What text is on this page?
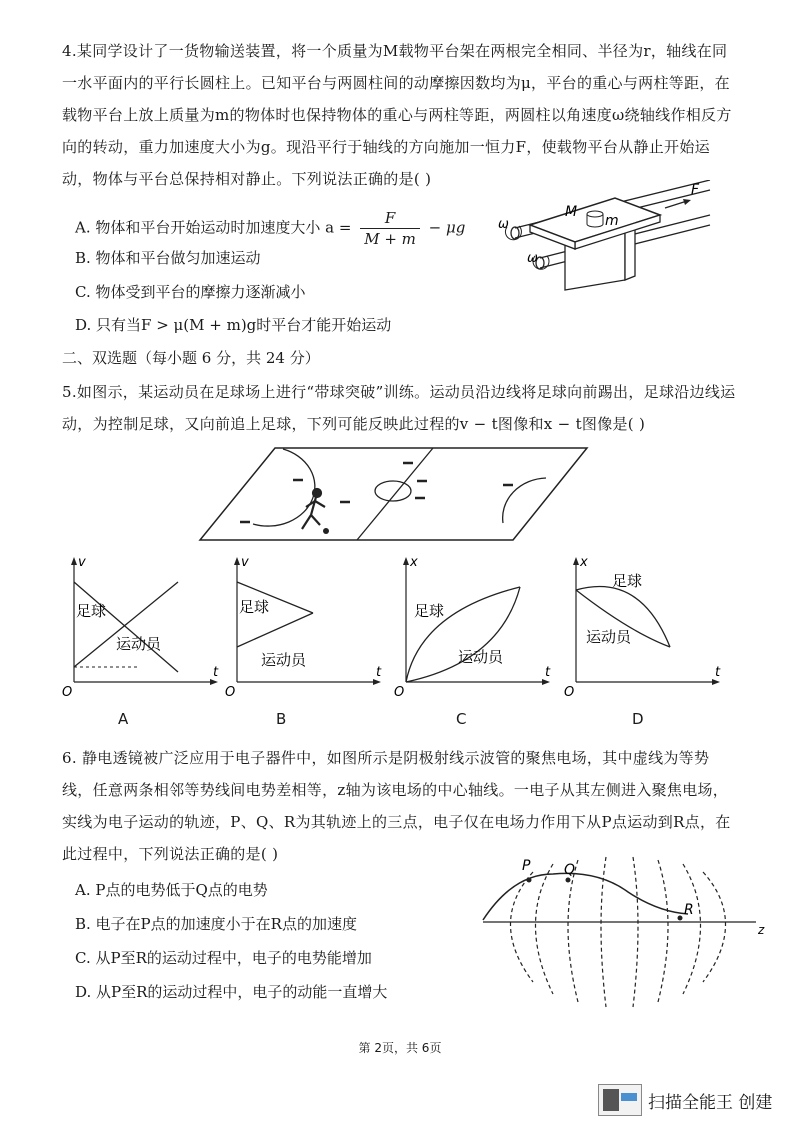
4.某同学设计了一货物输送装置，将一个质量为M载物平台架在两根完全相同、半径为r，轴线在同一水平面内的平行长圆柱上。已知平台与两圆柱间的动摩擦因数均为μ，平台的重心与两柱等距，在载物平台上放上质量为m的物体时也保持物体的重心与两柱等距，两圆柱以角速度ω绕轴线作相反方向的转动，重力加速度大小为g。现沿平行于轴线的方向施加一恒力F，使载物平台从静止开始运动，物体与平台总保持相对静止。下列说法正确的是( )

A. 物体和平台开始运动时加速度大小 $a = \frac{F}{M + m} - \mu g$
B. 物体和平台做匀加速运动
C. 物体受到平台的摩擦力逐渐减小
D. 只有当F > μ(M + m)g时平台才能开始运动
M
m
F
ω
ω
二、双选题（每小题 6 分，共 24 分）

5.如图示，某运动员在足球场上进行“带球突破”训练。运动员沿边线将足球向前踢出，足球沿边线运动，为控制足球，又向前追上足球，下列可能反映此过程的v − t图像和x − t图像是( )

v
t
O
足球
运动员
v
t
O
足球
运动员
x
t
O
足球
运动员
x
t
O
足球
运动员
A	B	C	D

6. 静电透镜被广泛应用于电子器件中，如图所示是阴极射线示波管的聚焦电场，其中虚线为等势线，任意两条相邻等势线间电势差相等，z轴为该电场的中心轴线。一电子从其左侧进入聚焦电场，实线为电子运动的轨迹，P、Q、R为其轨迹上的三点，电子仅在电场力作用下从P点运动到R点，在此过程中，下列说法正确的是( )

A. P点的电势低于Q点的电势
B. 电子在P点的加速度小于在R点的加速度
C. 从P至R的运动过程中，电子的电势能增加
D. 从P至R的运动过程中，电子的动能一直增大
P Q
R
z
第 2页，共 6页
扫描全能王 创建
